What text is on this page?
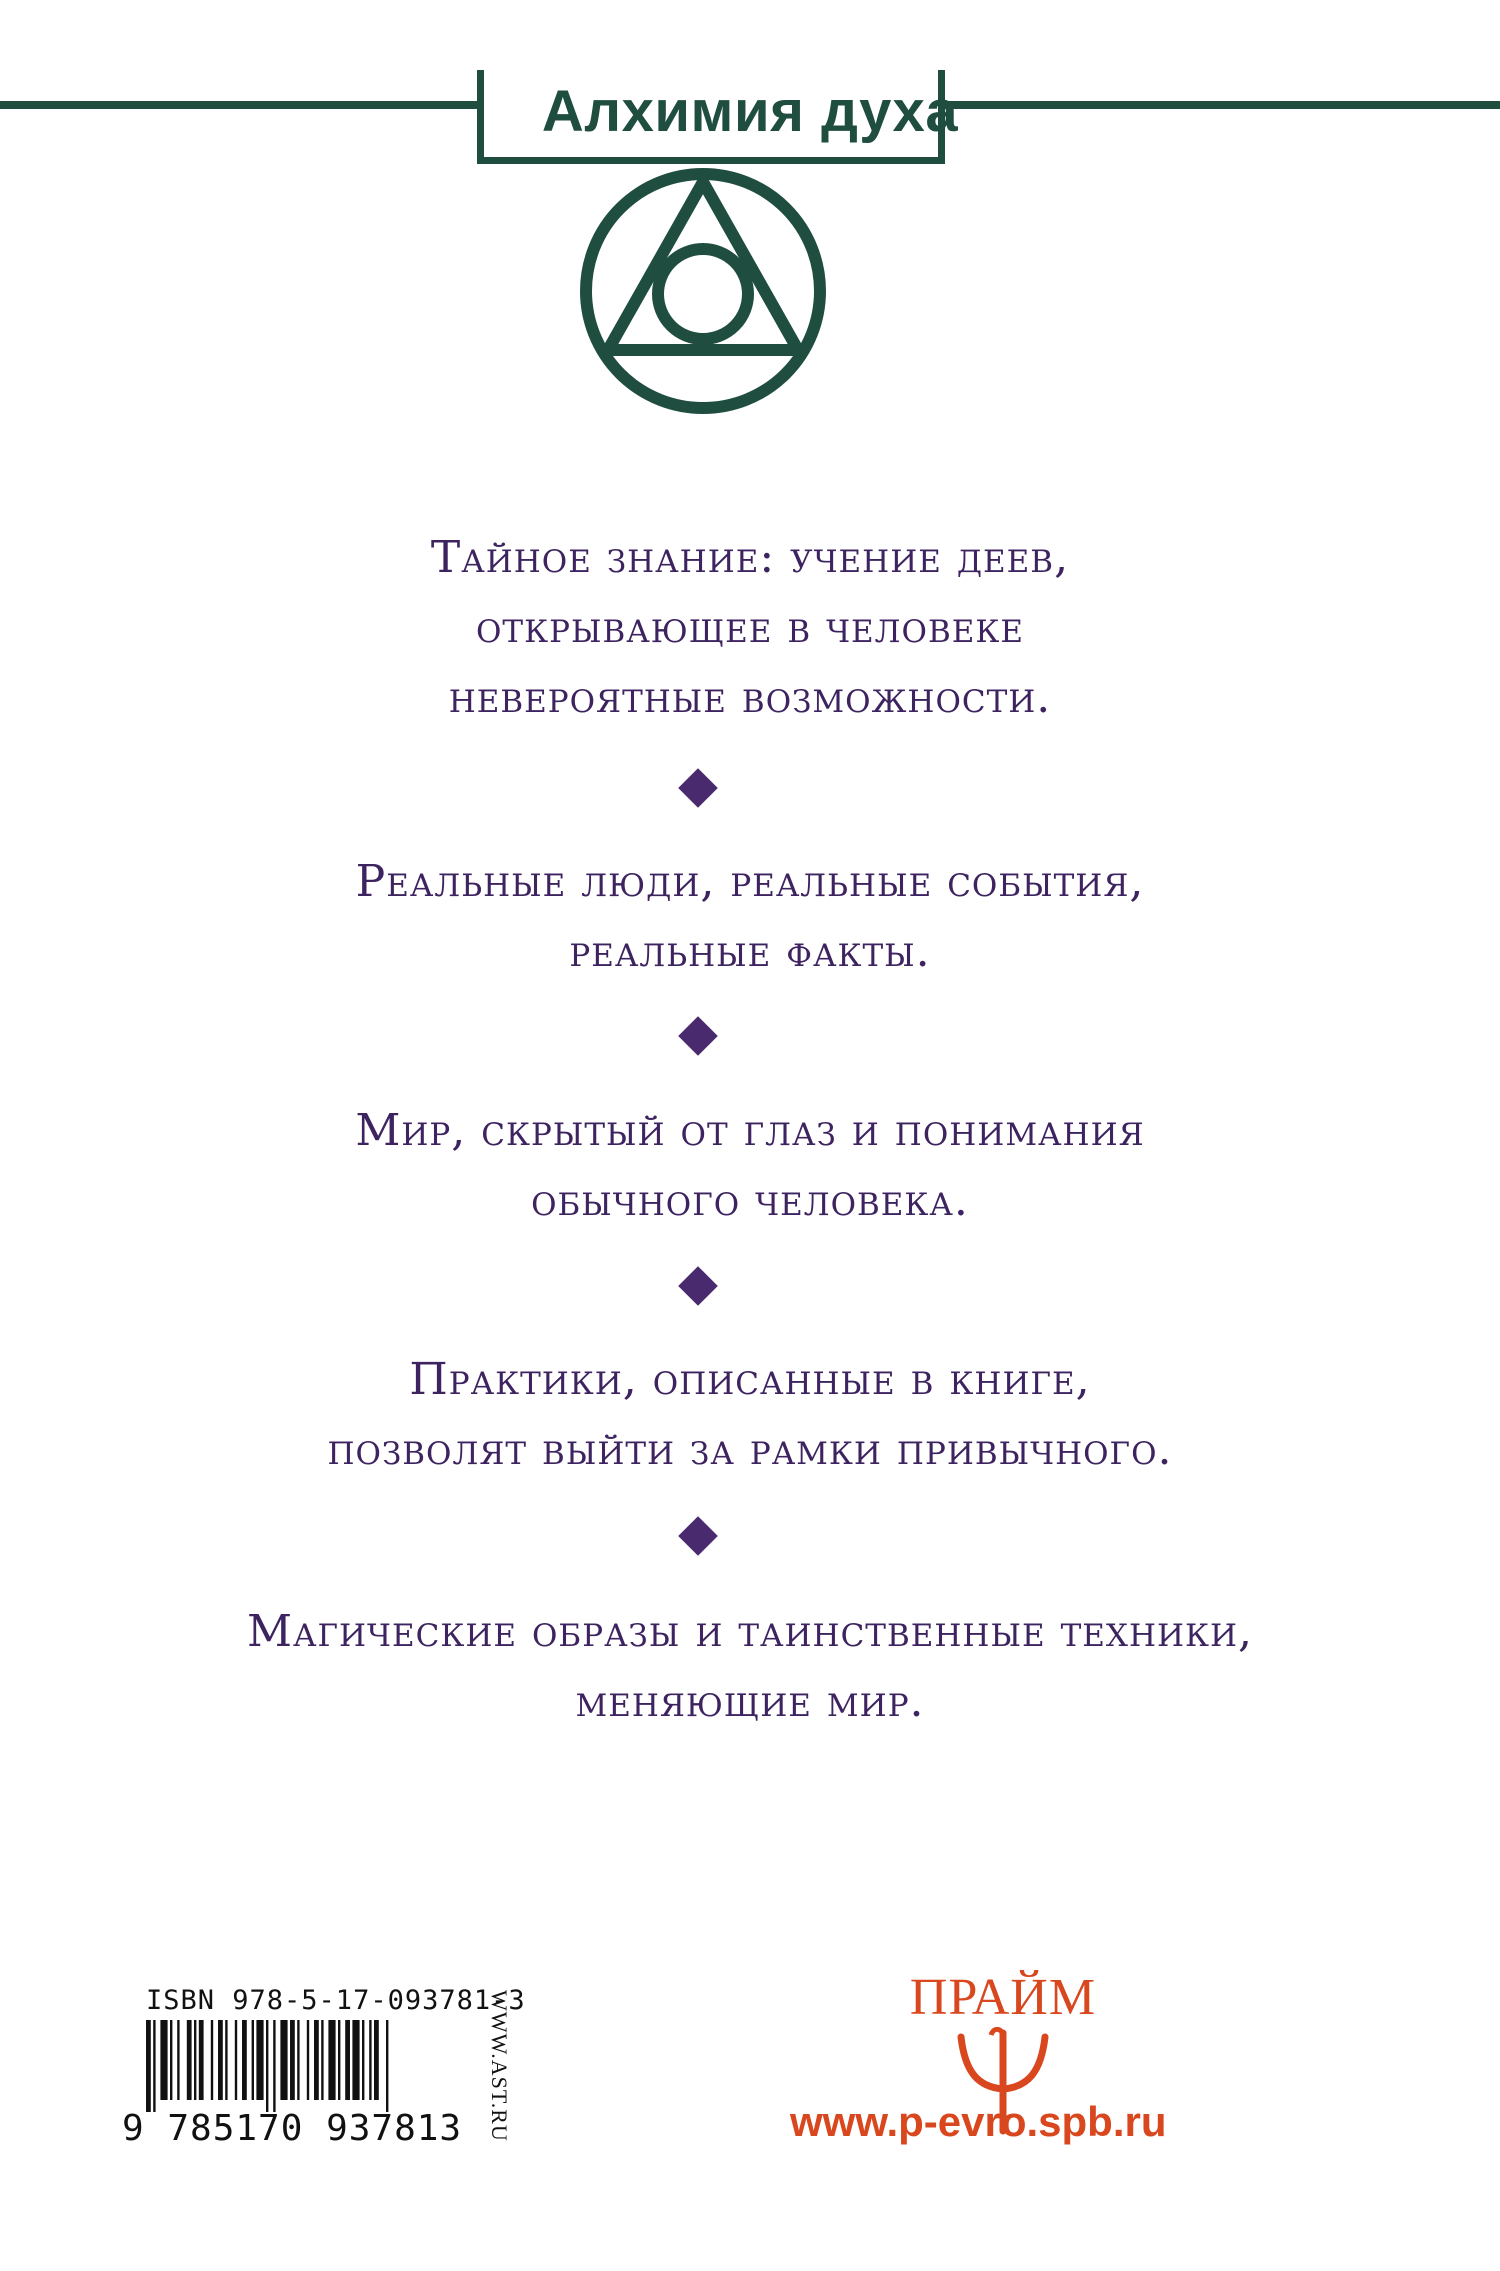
Алхимия духа
Тайное знание: учение деев,
открывающее в человеке
невероятные возможности.
Реальные люди, реальные события,
реальные факты.
Мир, скрытый от глаз и понимания
обычного человека.
Практики, описанные в книге,
позволят выйти за рамки привычного.
Магические образы и таинственные техники,
меняющие мир.
ISBN 978-5-17-093781-3
9 785170 937813 WWW.AST.RU	ПРАЙМ
www.p-evro.spb.ru
